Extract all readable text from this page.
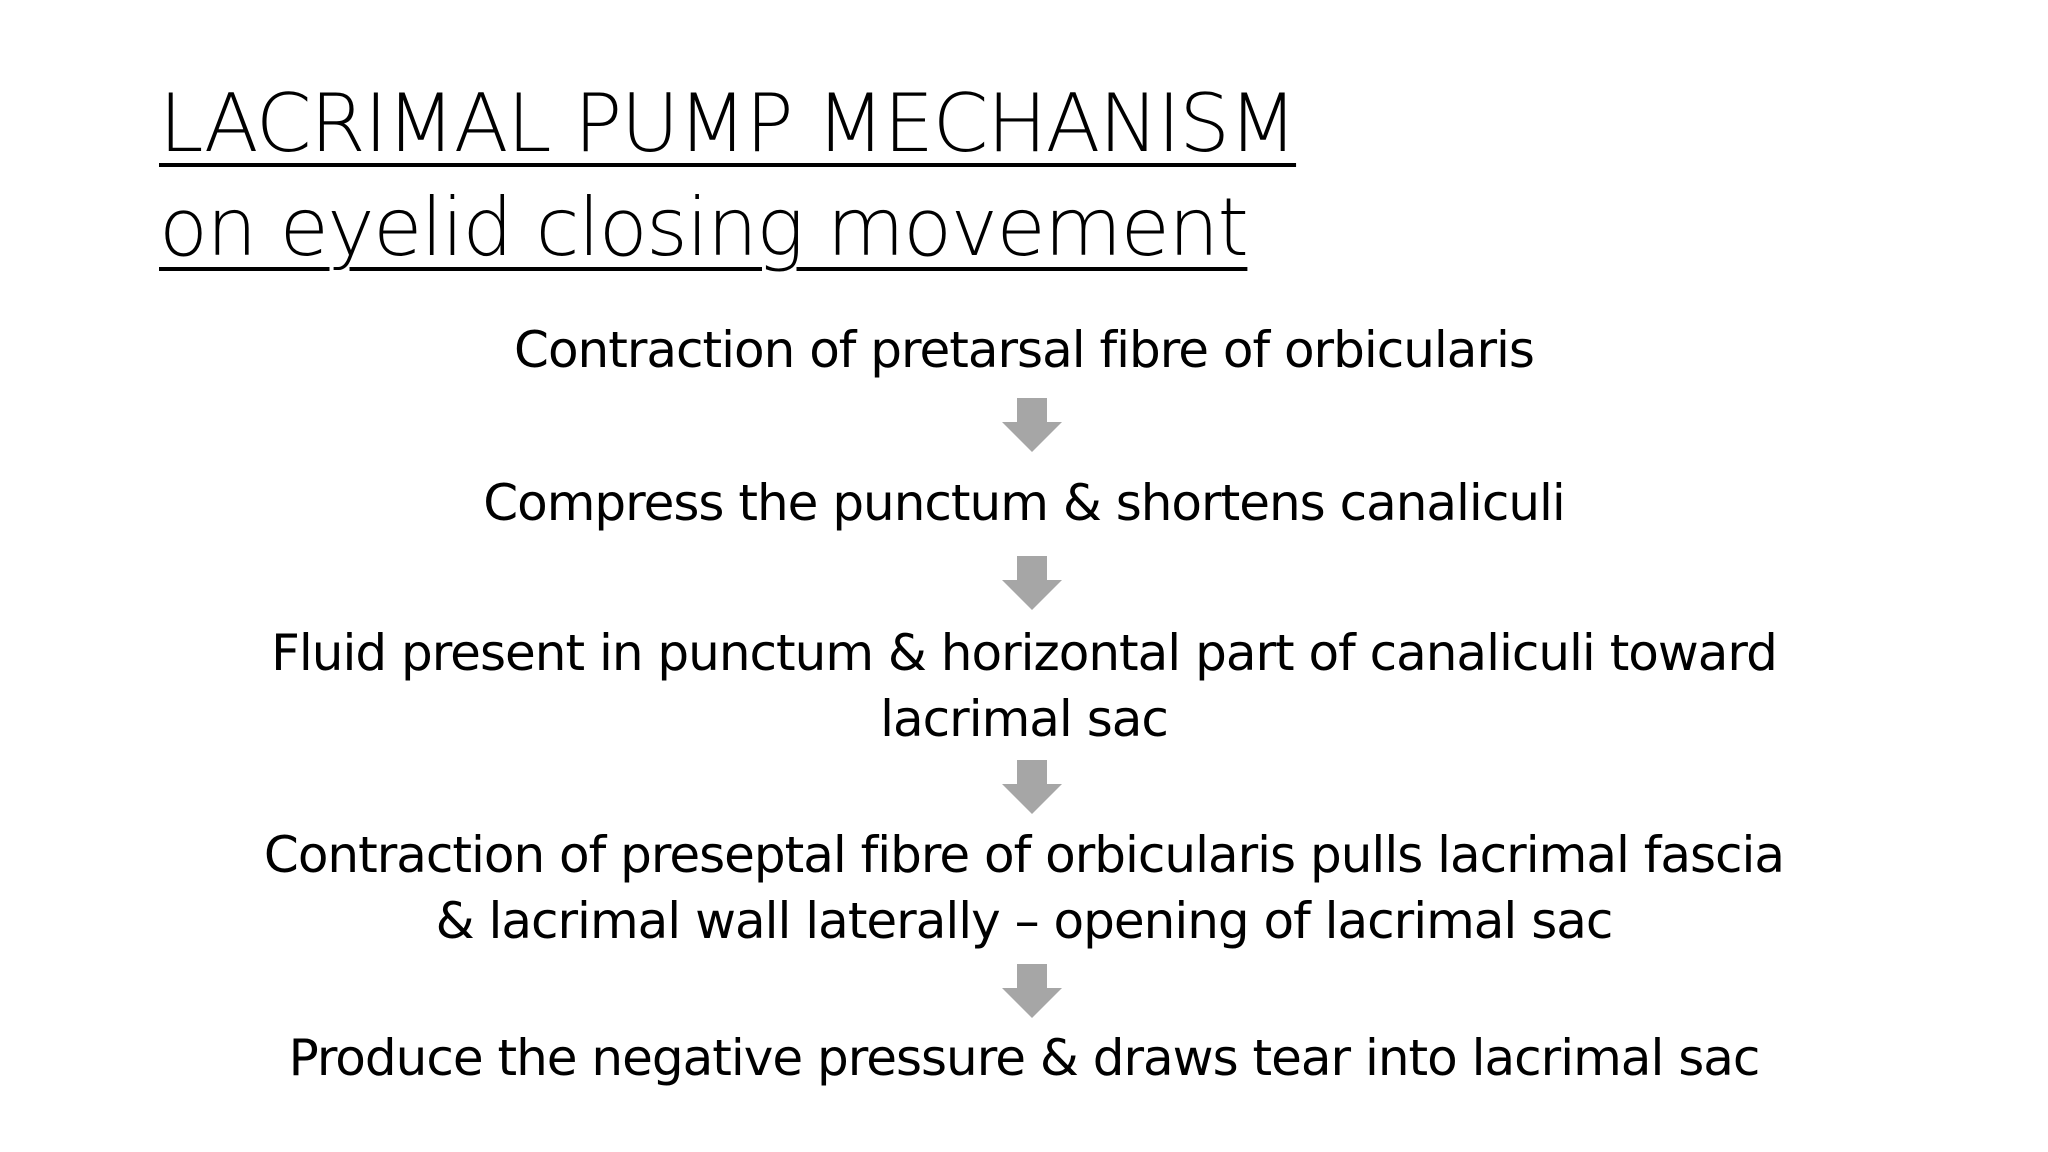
LACRIMAL PUMP MECHANISM
on eyelid closing movement
Contraction of pretarsal fibre of orbicularis
Compress the punctum & shortens canaliculi
Fluid present in punctum & horizontal part of canaliculi toward
lacrimal sac
Contraction of preseptal fibre of orbicularis pulls lacrimal fascia
& lacrimal wall laterally – opening of lacrimal sac
Produce the negative pressure & draws tear into lacrimal sac
